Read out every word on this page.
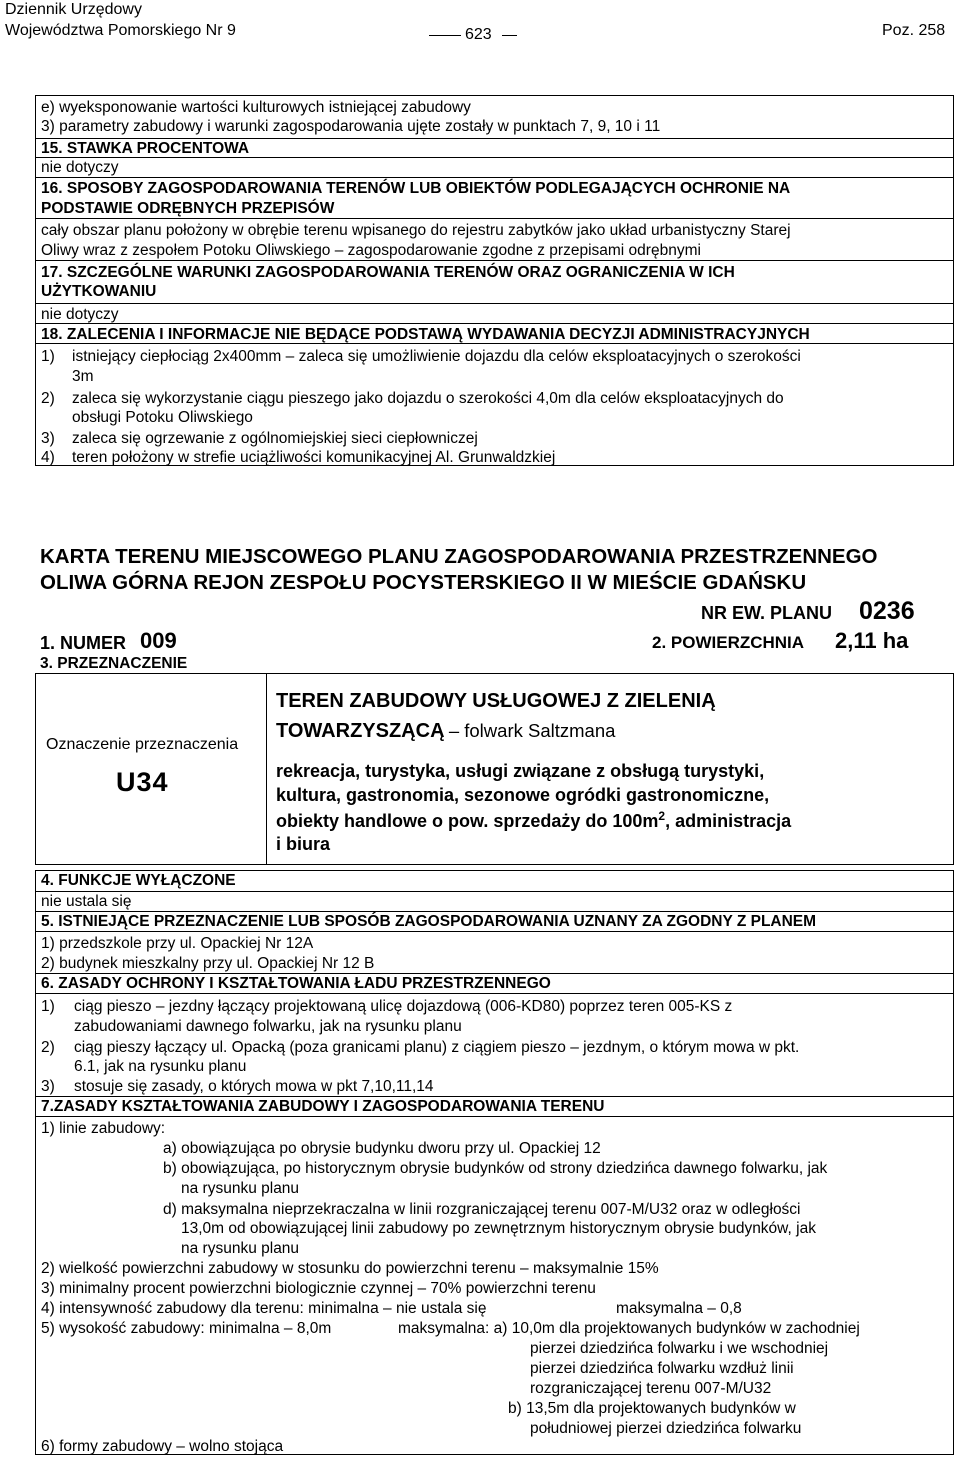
Dziennik Urzędowy
Województwa Pomorskiego Nr 9	623	Poz. 258
e) wyeksponowanie wartości kulturowych istniejącej zabudowy
3) parametry zabudowy i warunki zagospodarowania ujęte zostały w punktach 7, 9, 10 i 11
15. STAWKA PROCENTOWA
nie dotyczy
16. SPOSOBY ZAGOSPODAROWANIA TERENÓW LUB OBIEKTÓW PODLEGAJĄCYCH OCHRONIE NA
PODSTAWIE ODRĘBNYCH PRZEPISÓW
cały obszar planu położony w obrębie terenu wpisanego do rejestru zabytków jako układ urbanistyczny Starej
Oliwy wraz z zespołem Potoku Oliwskiego – zagospodarowanie zgodne z przepisami odrębnymi
17. SZCZEGÓLNE WARUNKI ZAGOSPODAROWANIA TERENÓW ORAZ OGRANICZENIA W ICH
UŻYTKOWANIU
nie dotyczy
18. ZALECENIA I INFORMACJE NIE BĘDĄCE PODSTAWĄ WYDAWANIA DECYZJI ADMINISTRACYJNYCH
1) istniejący ciepłociąg 2x400mm – zaleca się umożliwienie dojazdu dla celów eksploatacyjnych o szerokości
3m
2) zaleca się wykorzystanie ciągu pieszego jako dojazdu o szerokości 4,0m dla celów eksploatacyjnych do
obsługi Potoku Oliwskiego
3) zaleca się ogrzewanie z ogólnomiejskiej sieci ciepłowniczej
4) teren położony w strefie uciążliwości komunikacyjnej Al. Grunwaldzkiej
KARTA TERENU MIEJSCOWEGO PLANU ZAGOSPODAROWANIA PRZESTRZENNEGO
OLIWA GÓRNA REJON ZESPOŁU POCYSTERSKIEGO II W MIEŚCIE GDAŃSKU
NR EW. PLANU 0236
1. NUMER 009	2. POWIERZCHNIA 2,11 ha
3. PRZEZNACZENIE
Oznaczenie przeznaczenia
U34
TEREN ZABUDOWY USŁUGOWEJ Z ZIELENIĄ
TOWARZYSZĄCĄ – folwark Saltzmana
rekreacja, turystyka, usługi związane z obsługą turystyki,
kultura, gastronomia, sezonowe ogródki gastronomiczne,
obiekty handlowe o pow. sprzedaży do $100m^2$, administracja
i biura
4. FUNKCJE WYŁĄCZONE
nie ustala się
5. ISTNIEJĄCE PRZEZNACZENIE LUB SPOSÓB ZAGOSPODAROWANIA UZNANY ZA ZGODNY Z PLANEM
1) przedszkole przy ul. Opackiej Nr 12A
2) budynek mieszkalny przy ul. Opackiej Nr 12 B
6. ZASADY OCHRONY I KSZTAŁTOWANIA ŁADU PRZESTRZENNEGO
1) ciąg pieszo – jezdny łączący projektowaną ulicę dojazdową (006-KD80) poprzez teren 005-KS z
zabudowaniami dawnego folwarku, jak na rysunku planu
2) ciąg pieszy łączący ul. Opacką (poza granicami planu) z ciągiem pieszo – jezdnym, o którym mowa w pkt.
6.1, jak na rysunku planu
3) stosuje się zasady, o których mowa w pkt 7,10,11,14
7.ZASADY KSZTAŁTOWANIA ZABUDOWY I ZAGOSPODAROWANIA TERENU
1) linie zabudowy:
a) obowiązująca po obrysie budynku dworu przy ul. Opackiej 12
b) obowiązująca, po historycznym obrysie budynków od strony dziedzińca dawnego folwarku, jak
na rysunku planu
d) maksymalna nieprzekraczalna w linii rozgraniczającej terenu 007-M/U32 oraz w odległości
13,0m od obowiązującej linii zabudowy po zewnętrznym historycznym obrysie budynków, jak
na rysunku planu
2) wielkość powierzchni zabudowy w stosunku do powierzchni terenu – maksymalnie 15%
3) minimalny procent powierzchni biologicznie czynnej – 70% powierzchni terenu
4) intensywność zabudowy dla terenu: minimalna – nie ustala się	maksymalna – 0,8
5) wysokość zabudowy: minimalna – 8,0m	maksymalna: a) 10,0m dla projektowanych budynków w zachodniej
pierzei dziedzińca folwarku i we wschodniej
pierzei dziedzińca folwarku wzdłuż linii
rozgraniczającej terenu 007-M/U32
b) 13,5m dla projektowanych budynków w
południowej pierzei dziedzińca folwarku
6) formy zabudowy – wolno stojąca
